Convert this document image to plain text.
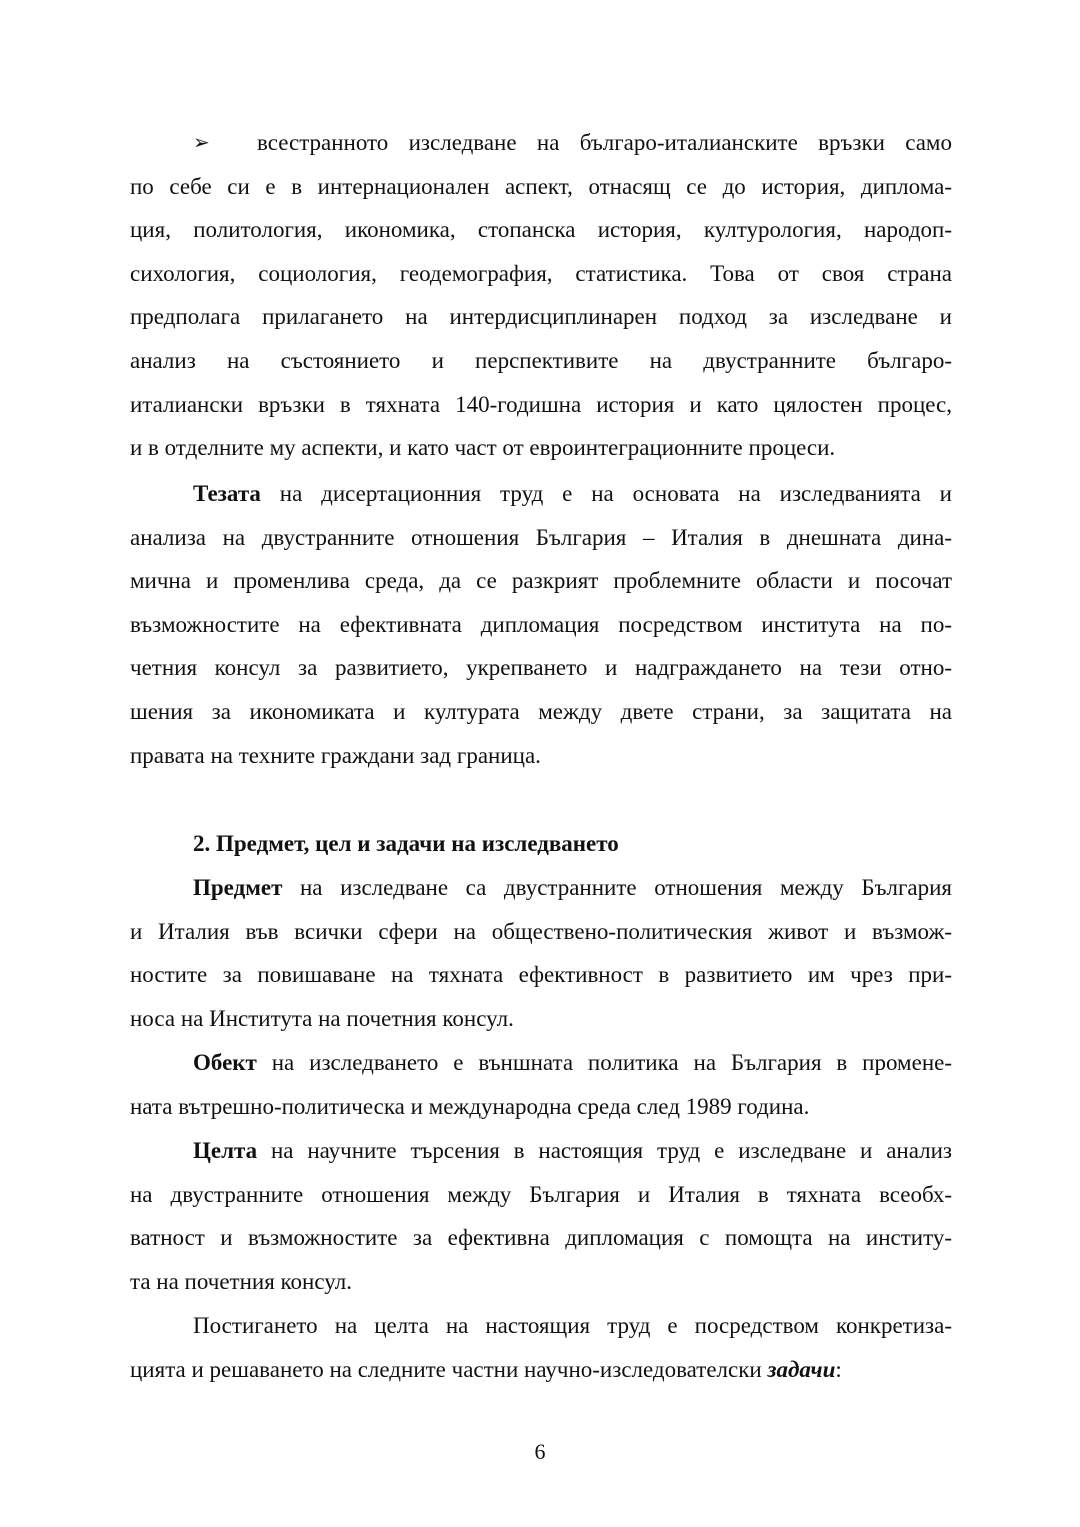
➢	всестранното изследване на българо-италианските връзки само
по себе си е в интернационален аспект, отнасящ се до история, диплома-
ция, политология, икономика, стопанска история, културология, народоп-
сихология, социология, геодемография, статистика. Това от своя страна
предполага прилагането на интердисциплинарен подход за изследване и
анализ на състоянието и перспективите на двустранните българо-
италиански връзки в тяхната 140-годишна история и като цялостен процес,
и в отделните му аспекти, и като част от евроинтеграционните процеси.
Тезата на дисертационния труд е на основата на изследванията и
анализа на двустранните отношения България – Италия в днешната дина-
мична и променлива среда, да се разкрият проблемните области и посочат
възможностите на ефективната дипломация посредством института на по-
четния консул за развитието, укрепването и надграждането на тези отно-
шения за икономиката и културата между двете страни, за защитата на
правата на техните граждани зад граница.
2. Предмет, цел и задачи на изследването
Предмет на изследване са двустранните отношения между България
и Италия във всички сфери на обществено-политическия живот и възмож-
ностите за повишаване на тяхната ефективност в развитието им чрез при-
носа на Института на почетния консул.
Обект на изследването е външната политика на България в промене-
ната вътрешно-политическа и международна среда след 1989 година.
Целта на научните търсения в настоящия труд е изследване и анализ
на двустранните отношения между България и Италия в тяхната всеобх-
ватност и възможностите за ефективна дипломация с помощта на институ-
та на почетния консул.
Постигането на целта на настоящия труд е посредством конкретиза-
цията и решаването на следните частни научно-изследователски задачи:
6
